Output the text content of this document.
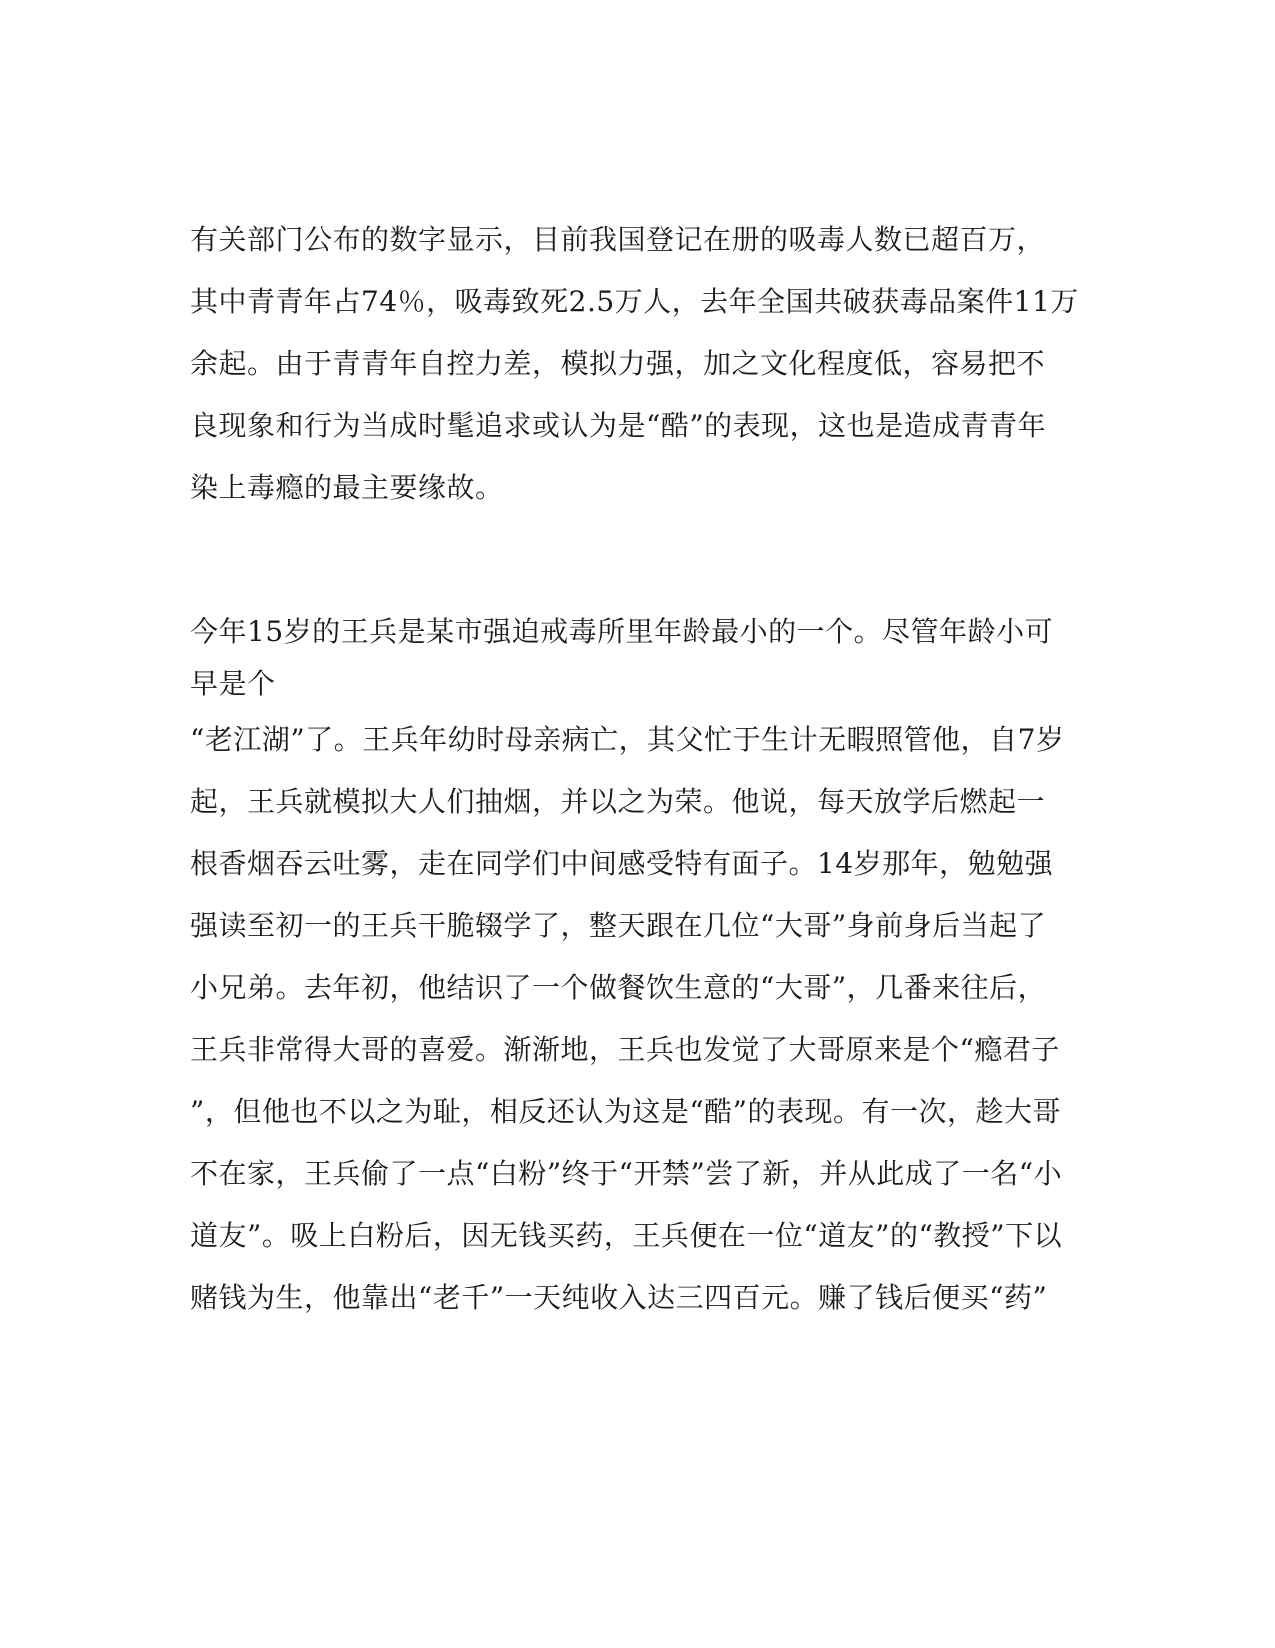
有关部门公布的数字显示，目前我国登记在册的吸毒人数已超百万，
其中青青年占74％，吸毒致死2.5万人，去年全国共破获毒品案件11万
余起。由于青青年自控力差，模拟力强，加之文化程度低，容易把不
良现象和行为当成时髦追求或认为是“酷”的表现，这也是造成青青年
染上毒瘾的最主要缘故。
今年15岁的王兵是某市强迫戒毒所里年龄最小的一个。尽管年龄小可
早是个
“老江湖”了。王兵年幼时母亲病亡，其父忙于生计无暇照管他，自7岁
起，王兵就模拟大人们抽烟，并以之为荣。他说，每天放学后燃起一
根香烟吞云吐雾，走在同学们中间感受特有面子。14岁那年，勉勉强
强读至初一的王兵干脆辍学了，整天跟在几位“大哥”身前身后当起了
小兄弟。去年初，他结识了一个做餐饮生意的“大哥”，几番来往后，
王兵非常得大哥的喜爱。渐渐地，王兵也发觉了大哥原来是个“瘾君子
”，但他也不以之为耻，相反还认为这是“酷”的表现。有一次，趁大哥
不在家，王兵偷了一点“白粉”终于“开禁”尝了新，并从此成了一名“小
道友”。吸上白粉后，因无钱买药，王兵便在一位“道友”的“教授”下以
赌钱为生，他靠出“老千”一天纯收入达三四百元。赚了钱后便买“药”
